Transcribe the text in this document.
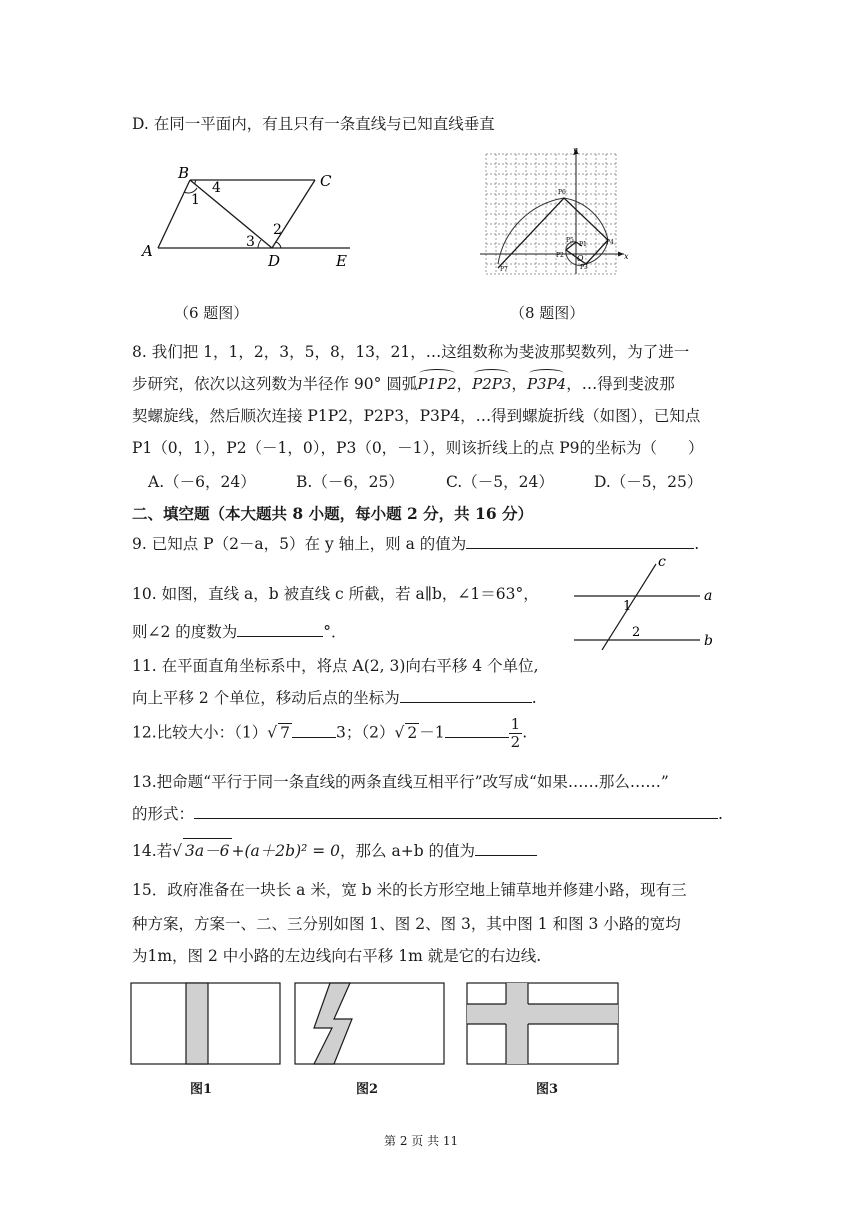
D. 在同一平面内，有且只有一条直线与已知直线垂直
B	C
A
D	E
1
2
3
4
（6 题图）
y
x
O
P1
P2
P3
P4
P5
P6
P7
（8 题图）
8. 我们把 1，1，2，3，5，8，13，21，…这组数称为斐波那契数列，为了进一
步研究，依次以这列数为半径作 90° 圆弧P1P2，P2P3，P3P4，…得到斐波那
契螺旋线，然后顺次连接 P1P2，P2P3，P3P4，…得到螺旋折线（如图），已知点
P1（0，1），P2（－1，0），P3（0，－1），则该折线上的点 P9的坐标为（　　）
A.（－6，24）	B.（－6，25）	C.（－5，24）	D.（－5，25）
二、填空题（本大题共 8 小题，每小题 2 分，共 16 分）
9. 已知点 P（2－a，5）在 y 轴上，则 a 的值为	.
10. 如图，直线 a，b 被直线 c 所截，若 a∥b，∠1＝63°，
则∠2 的度数为	°．
c
a
b
1
2
11. 在平面直角坐标系中，将点 A(2, 3)向右平移 4 个单位,
向上平移 2 个单位，移动后点的坐标为	.
12.比较大小：（1）√ 7	3；（2）√ 2 －1	$\frac{1}{2}$ .
13.把命题“平行于同一条直线的两条直线互相平行”改写成“如果……那么……”
的形式：	.
14.若√ 3a－6 +(a＋2b)² = 0，那么 a+b 的值为
15．政府准备在一块长 a 米，宽 b 米的长方形空地上铺草地并修建小路，现有三
种方案，方案一、二、三分别如图 1、图 2、图 3，其中图 1 和图 3 小路的宽均
为1m，图 2 中小路的左边线向右平移 1m 就是它的右边线.
图1	图2	图3
第 2 页 共 11
